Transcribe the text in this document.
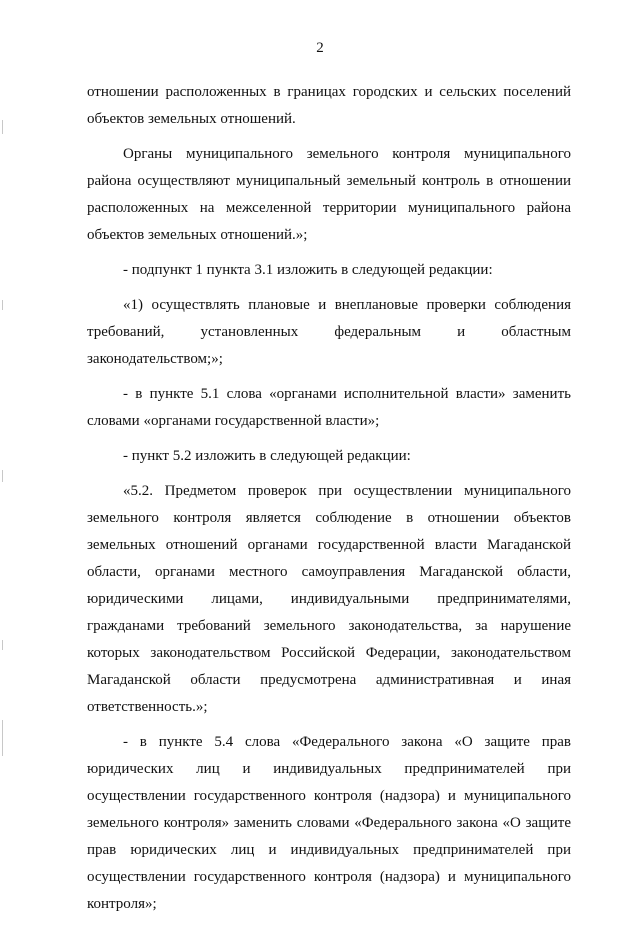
2

отношении расположенных в границах городских и сельских поселений объектов земельных отношений.

Органы муниципального земельного контроля муниципального района осуществляют муниципальный земельный контроль в отношении расположенных на межселенной территории муниципального района объектов земельных отношений.»;

- подпункт 1 пункта 3.1 изложить в следующей редакции:

«1) осуществлять плановые и внеплановые проверки соблюдения требований, установленных федеральным и областным законодательством;»;

- в пункте 5.1 слова «органами исполнительной власти» заменить словами «органами государственной власти»;

- пункт 5.2 изложить в следующей редакции:

«5.2. Предметом проверок при осуществлении муниципального земельного контроля является соблюдение в отношении объектов земельных отношений органами государственной власти Магаданской области, органами местного самоуправления Магаданской области, юридическими лицами, индивидуальными предпринимателями, гражданами требований земельного законодательства, за нарушение которых законодательством Российской Федерации, законодательством Магаданской области предусмотрена административная и иная ответственность.»;

- в пункте 5.4 слова «Федерального закона «О защите прав юридических лиц и индивидуальных предпринимателей при осуществлении государственного контроля (надзора) и муниципального земельного контроля» заменить словами «Федерального закона «О защите прав юридических лиц и индивидуальных предпринимателей при осуществлении государственного контроля (надзора) и муниципального контроля»;
